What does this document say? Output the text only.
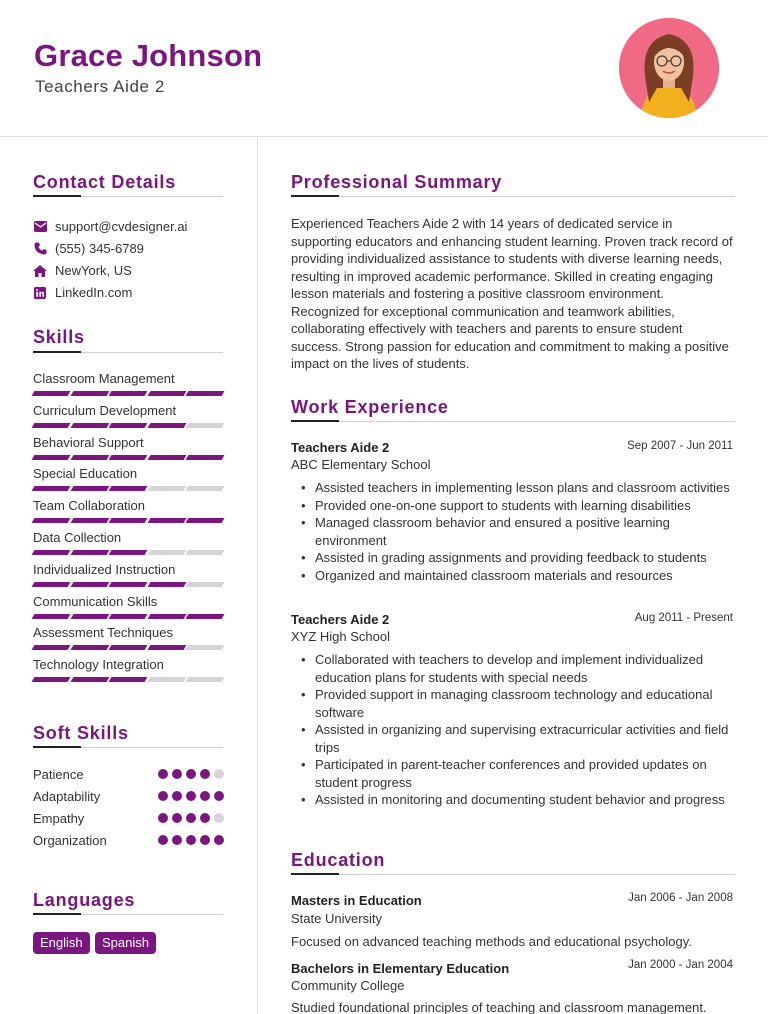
Grace Johnson
Teachers Aide 2
Contact Details
support@cvdesigner.ai
(555) 345-6789
NewYork, US
LinkedIn.com
Skills
Classroom Management
Curriculum Development
Behavioral Support
Special Education
Team Collaboration
Data Collection
Individualized Instruction
Communication Skills
Assessment Techniques
Technology Integration
Soft Skills
Patience
Adaptability
Empathy
Organization
Languages
English	Spanish
Professional Summary
Experienced Teachers Aide 2 with 14 years of dedicated service in supporting educators and enhancing student learning. Proven track record of providing individualized assistance to students with diverse learning needs, resulting in improved academic performance. Skilled in creating engaging lesson materials and fostering a positive classroom environment. Recognized for exceptional communication and teamwork abilities, collaborating effectively with teachers and parents to ensure student success. Strong passion for education and commitment to making a positive impact on the lives of students.
Work Experience
Teachers Aide 2	Sep 2007 - Jun 2011
ABC Elementary School
• Assisted teachers in implementing lesson plans and classroom activities
• Provided one-on-one support to students with learning disabilities
• Managed classroom behavior and ensured a positive learning environment
• Assisted in grading assignments and providing feedback to students
• Organized and maintained classroom materials and resources
Teachers Aide 2	Aug 2011 - Present
XYZ High School
• Collaborated with teachers to develop and implement individualized education plans for students with special needs
• Provided support in managing classroom technology and educational software
• Assisted in organizing and supervising extracurricular activities and field trips
• Participated in parent-teacher conferences and provided updates on student progress
• Assisted in monitoring and documenting student behavior and progress
Education
Masters in Education	Jan 2006 - Jan 2008
State University
Focused on advanced teaching methods and educational psychology.
Bachelors in Elementary Education	Jan 2000 - Jan 2004
Community College
Studied foundational principles of teaching and classroom management.
